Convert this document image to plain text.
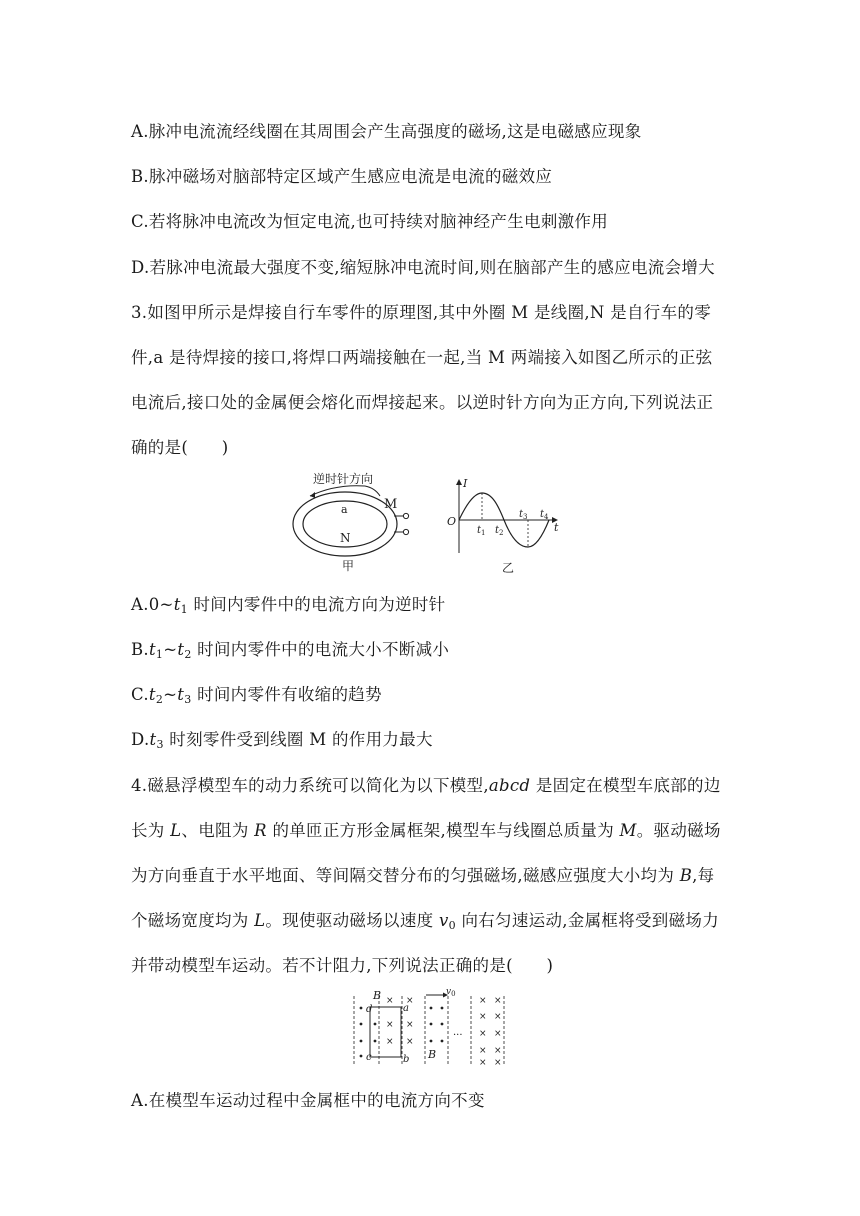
A.脉冲电流流经线圈在其周围会产生高强度的磁场,这是电磁感应现象
B.脉冲磁场对脑部特定区域产生感应电流是电流的磁效应
C.若将脉冲电流改为恒定电流,也可持续对脑神经产生电刺激作用
D.若脉冲电流最大强度不变,缩短脉冲电流时间,则在脑部产生的感应电流会增大
3.如图甲所示是焊接自行车零件的原理图,其中外圈 M 是线圈,N 是自行车的零
件,a 是待焊接的接口,将焊口两端接触在一起,当 M 两端接入如图乙所示的正弦
电流后,接口处的金属便会熔化而焊接起来。以逆时针方向为正方向,下列说法正
确的是(　　)
逆时针方向
M
a
N
甲
I
t
O
$t_1$ $t_2$
$t_3$ $t_4$
乙
$A.0\sim t_1$ 时间内零件中的电流方向为逆时针
$B.t_1\sim t_2$ 时间内零件中的电流大小不断减小
$C.t_2\sim t_3$ 时间内零件有收缩的趋势
$D.t_3$ 时刻零件受到线圈 M 的作用力最大
4.磁悬浮模型车的动力系统可以简化为以下模型,abcd 是固定在模型车底部的边
长为 L、电阻为 R 的单匝正方形金属框架,模型车与线圈总质量为 M。驱动磁场
为方向垂直于水平地面、等间隔交替分布的匀强磁场,磁感应强度大小均为 B,每
个磁场宽度均为 L。现使驱动磁场以速度 $v_0$ 向右匀速运动,金属框将受到磁场力
并带动模型车运动。若不计阻力,下列说法正确的是(　　)
B
d	a
c	b
$v_0$
B
×
×
×
×
×
×
×
×
×
×
×
×
×
×
×
×
···
A.在模型车运动过程中金属框中的电流方向不变
